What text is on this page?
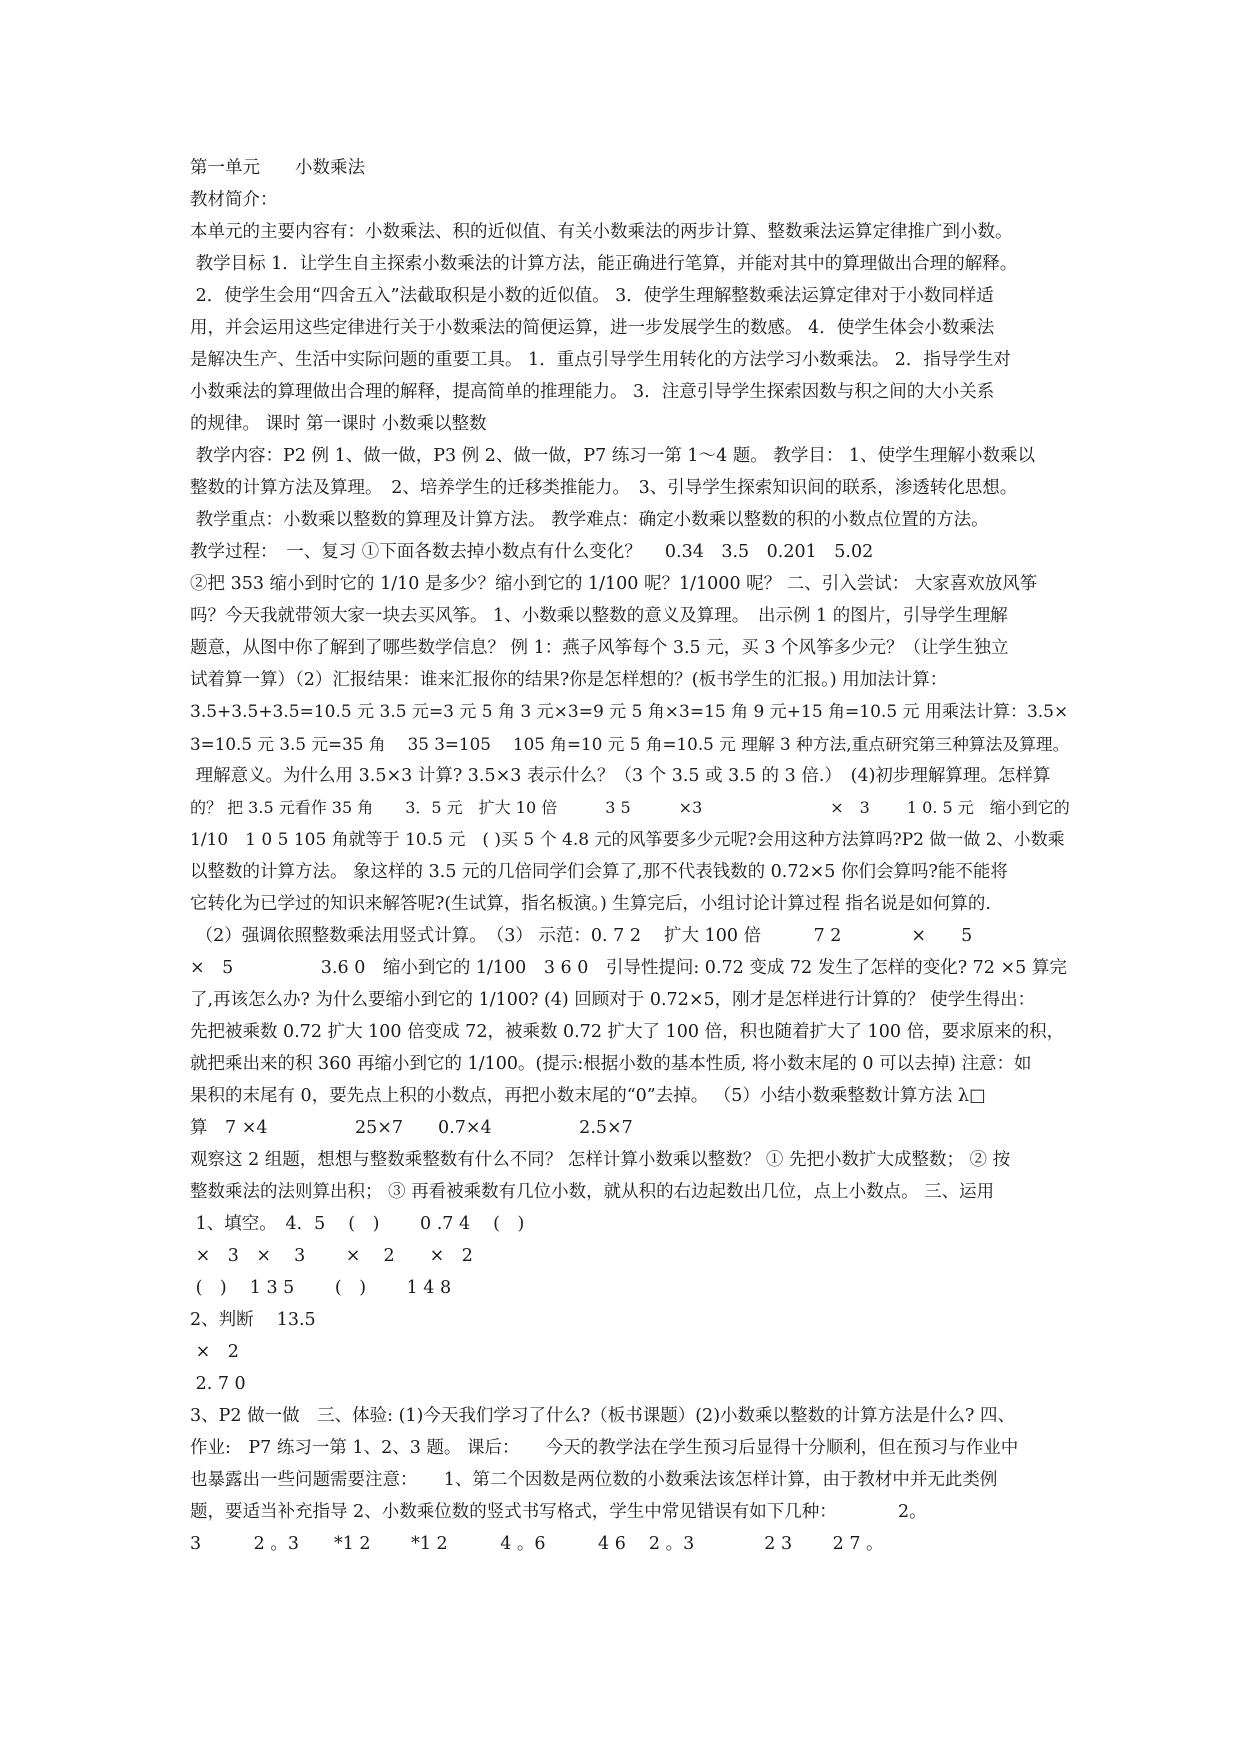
第一单元　　小数乘法
教材简介：
本单元的主要内容有：小数乘法、积的近似值、有关小数乘法的两步计算、整数乘法运算定律推广到小数。
教学目标 1．让学生自主探索小数乘法的计算方法，能正确进行笔算，并能对其中的算理做出合理的解释。
2．使学生会用“四舍五入”法截取积是小数的近似值。 3．使学生理解整数乘法运算定律对于小数同样适
用，并会运用这些定律进行关于小数乘法的简便运算，进一步发展学生的数感。 4．使学生体会小数乘法
是解决生产、生活中实际问题的重要工具。 1．重点引导学生用转化的方法学习小数乘法。 2．指导学生对
小数乘法的算理做出合理的解释，提高简单的推理能力。 3．注意引导学生探索因数与积之间的大小关系
的规律。 课时 第一课时 小数乘以整数
教学内容：P2 例 1、做一做，P3 例 2、做一做，P7 练习一第 1～4 题。 教学目： 1、使学生理解小数乘以
整数的计算方法及算理。　2、培养学生的迁移类推能力。　3、引导学生探索知识间的联系，渗透转化思想。
教学重点：小数乘以整数的算理及计算方法。 教学难点：确定小数乘以整数的积的小数点位置的方法。
教学过程：　一、复习 ①下面各数去掉小数点有什么变化？　 0.34　3.5　0.201　5.02
②把 353 缩小到时它的 1/10 是多少？缩小到它的 1/100 呢？1/1000 呢？ 二、引入尝试： 大家喜欢放风筝
吗？今天我就带领大家一块去买风筝。 1、小数乘以整数的意义及算理。　出示例 1 的图片，引导学生理解
题意，从图中你了解到了哪些数学信息？ 例 1：燕子风筝每个 3.5 元，买 3 个风筝多少元？（让学生独立
试着算一算）（2）汇报结果：谁来汇报你的结果?你是怎样想的？(板书学生的汇报。) 用加法计算：
3.5+3.5+3.5=10.5 元 3.5 元=3 元 5 角 3 元×3=9 元 5 角×3=15 角 9 元+15 角=10.5 元 用乘法计算：3.5×
3=10.5 元 3.5 元=35 角　 35 3=105　 105 角=10 元 5 角=10.5 元 理解 3 种方法,重点研究第三种算法及算理。
理解意义。为什么用 3.5×3 计算? 3.5×3 表示什么？（3 个 3.5 或 3.5 的 3 倍.）　(4)初步理解算理。怎样算
的？ 把 3.5 元看作 35 角　　3．5 元　扩大 10 倍　　　3 5　　　×3　　　　　　　　×　3　　 1 0. 5 元　缩小到它的
1/10　1 0 5 105 角就等于 10.5 元　( )买 5 个 4.8 元的风筝要多少元呢?会用这种方法算吗?P2 做一做 2、小数乘
以整数的计算方法。 象这样的 3.5 元的几倍同学们会算了,那不代表钱数的 0.72×5 你们会算吗?能不能将
它转化为已学过的知识来解答呢?(生试算，指名板演。) 生算完后，小组讨论计算过程 指名说是如何算的.
（2）强调依照整数乘法用竖式计算。　（3） 示范：0. 7 2　 扩大 100 倍　　　7 2　　　　×　　5
×　5　　　　　3.6 0　缩小到它的 1/100　3 6 0　引导性提问: 0.72 变成 72 发生了怎样的变化? 72 ×5 算完
了,再该怎么办? 为什么要缩小到它的 1/100? (4) 回顾对于 0.72×5，刚才是怎样进行计算的？ 使学生得出：
先把被乘数 0.72 扩大 100 倍变成 72，被乘数 0.72 扩大了 100 倍，积也随着扩大了 100 倍，要求原来的积，
就把乘出来的积 360 再缩小到它的 1/100。(提示:根据小数的基本性质, 将小数末尾的 0 可以去掉) 注意：如
果积的末尾有 0，要先点上积的小数点，再把小数末尾的“0”去掉。 （5）小结小数乘整数计算方法 λ□
算　7 ×4　　　　　25×7　　0.7×4　　　　　2.5×7
观察这 2 组题，想想与整数乘整数有什么不同？ 怎样计算小数乘以整数？ ① 先把小数扩大成整数； ② 按
整数乘法的法则算出积； ③ 再看被乘数有几位小数，就从积的右边起数出几位，点上小数点。 三、运用
1、填空。　4．5　 (　)　　 0 .7 4　 (　)
×　3　×　 3　　 ×　 2　　×　2
(　)　 1 3 5　　 (　)　　 1 4 8
2、判断　 13.5
×　2
2. 7 0
3、P2 做一做　三、体验: (1)今天我们学习了什么?（板书课题）(2)小数乘以整数的计算方法是什么? 四、
作业:　P7 练习一第 1、2、3 题。 课后：　　今天的教学法在学生预习后显得十分顺利，但在预习与作业中
也暴露出一些问题需要注意：　　1、第二个因数是两位数的小数乘法该怎样计算，由于教材中并无此类例
题，要适当补充指导 2、小数乘位数的竖式书写格式，学生中常见错误有如下几种：　　　　2。
3　　　2 。3　　*1 2　　 *1 2　　　4 。6　　　4 6　 2 。3　　　　2 3　　 2 7 。
